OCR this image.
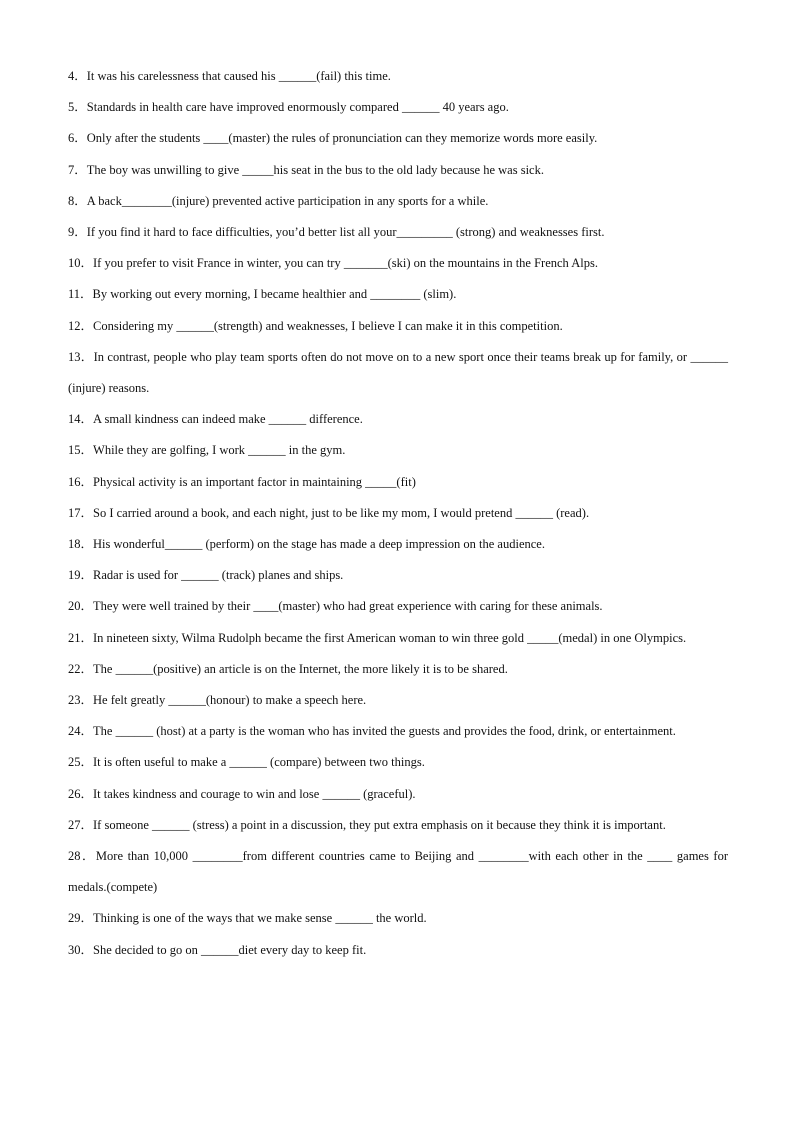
4．It was his carelessness that caused his ______(fail) this time.

5．Standards in health care have improved enormously compared ______ 40 years ago.

6．Only after the students ____(master) the rules of pronunciation can they memorize words more easily.

7．The boy was unwilling to give _____his seat in the bus to the old lady because he was sick.

8．A back________(injure) prevented active participation in any sports for a while.

9．If you find it hard to face difficulties, you’d better list all your_________ (strong) and weaknesses first.

10．If you prefer to visit France in winter, you can try _______(ski) on the mountains in the French Alps.

11．By working out every morning, I became healthier and ________ (slim).

12．Considering my ______(strength) and weaknesses, I believe I can make it in this competition.

13．In contrast, people who play team sports often do not move on to a new sport once their teams break up for family, or ______ (injure) reasons.

14．A small kindness can indeed make ______ difference.

15．While they are golfing, I work ______ in the gym.

16．Physical activity is an important factor in maintaining _____(fit)

17．So I carried around a book, and each night, just to be like my mom, I would pretend ______ (read).

18．His wonderful______ (perform) on the stage has made a deep impression on the audience.

19．Radar is used for ______ (track) planes and ships.

20．They were well trained by their ____(master) who had great experience with caring for these animals.

21．In nineteen sixty, Wilma Rudolph became the first American woman to win three gold _____(medal) in one Olympics.

22．The ______(positive) an article is on the Internet, the more likely it is to be shared.

23．He felt greatly ______(honour) to make a speech here.

24．The ______ (host) at a party is the woman who has invited the guests and provides the food, drink, or entertainment.

25．It is often useful to make a ______ (compare) between two things.

26．It takes kindness and courage to win and lose ______ (graceful).

27．If someone ______ (stress) a point in a discussion, they put extra emphasis on it because they think it is important.

28．More than 10,000 ________from different countries came to Beijing and ________with each other in the ____ games for medals.(compete)

29．Thinking is one of the ways that we make sense ______ the world.

30．She decided to go on ______diet every day to keep fit.
